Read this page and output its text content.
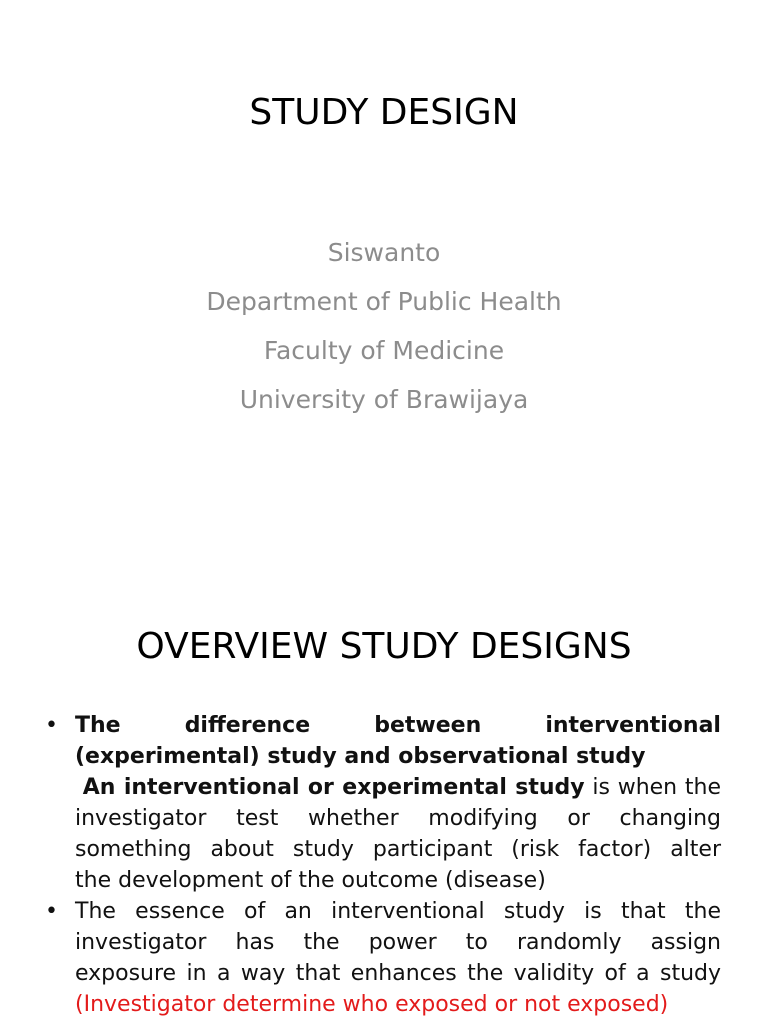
STUDY DESIGN

Siswanto

Department of Public Health

Faculty of Medicine

University of Brawijaya

OVERVIEW STUDY DESIGNS
• The	difference	between	interventional
(experimental) study and observational study
An interventional or experimental study is when the
investigator test whether modifying or changing
something about study participant (risk factor) alter
the development of the outcome (disease)
• The essence of an interventional study is that the
investigator has the power to randomly assign
exposure in a way that enhances the validity of a study
(Investigator determine who exposed or not exposed)
